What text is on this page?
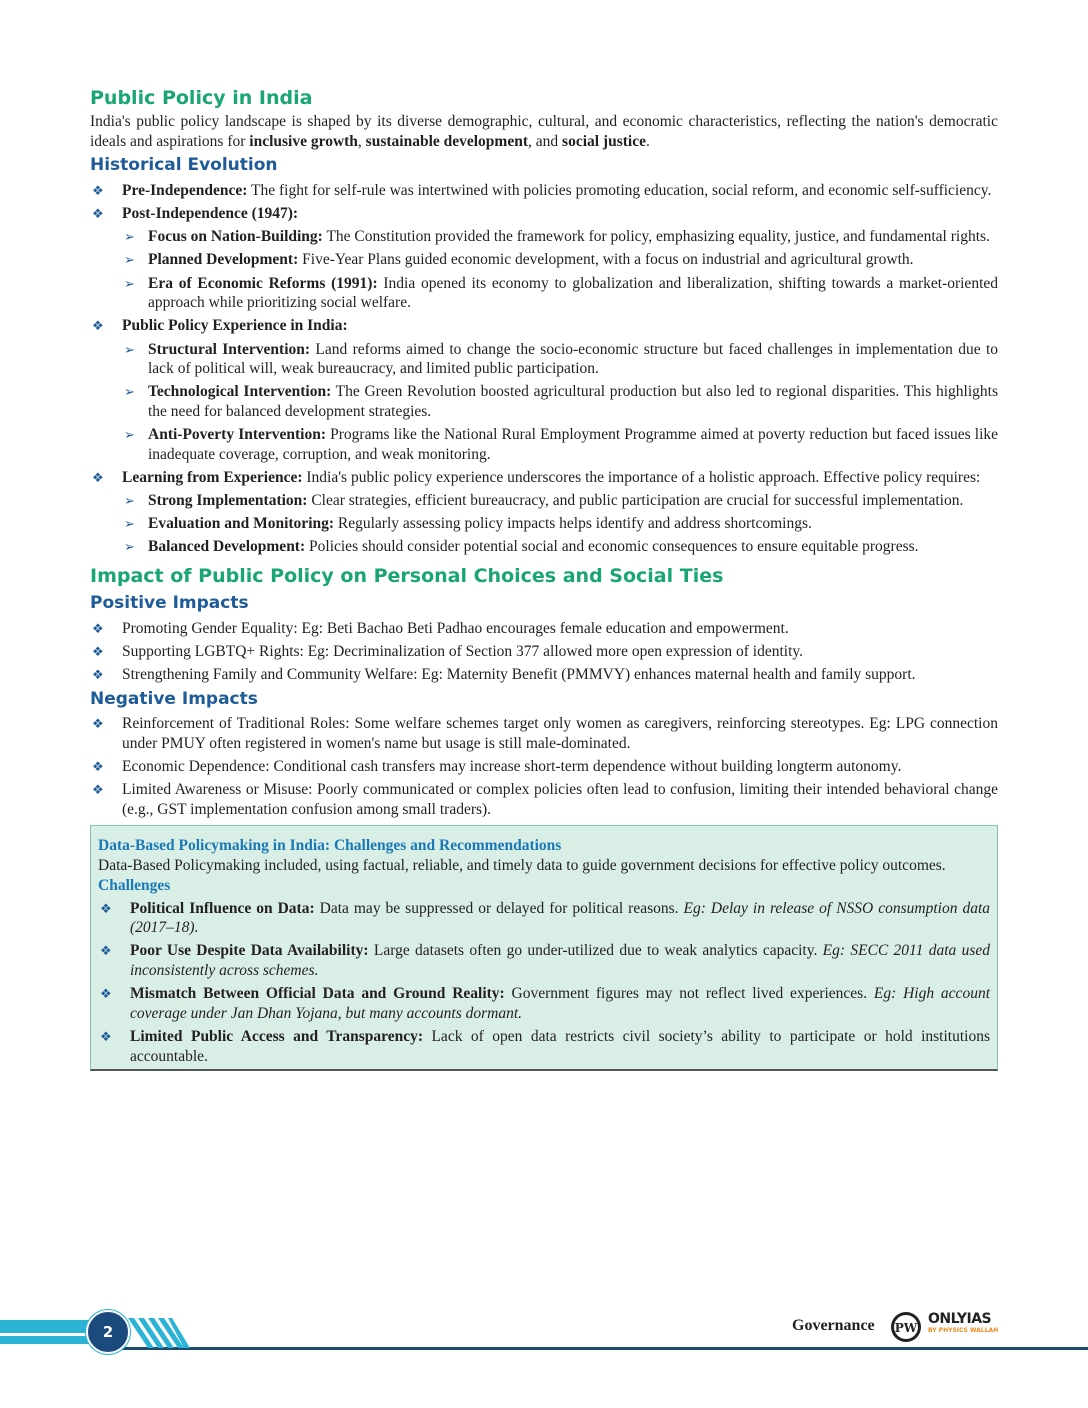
Public Policy in India

India's public policy landscape is shaped by its diverse demographic, cultural, and economic characteristics, reflecting the nation's democratic ideals and aspirations for inclusive growth, sustainable development, and social justice.

Historical Evolution
❖ Pre-Independence: The fight for self-rule was intertwined with policies promoting education, social reform, and economic self-sufficiency.
❖ Post-Independence (1947):
➢ Focus on Nation-Building: The Constitution provided the framework for policy, emphasizing equality, justice, and fundamental rights.
➢ Planned Development: Five-Year Plans guided economic development, with a focus on industrial and agricultural growth.
➢ Era of Economic Reforms (1991): India opened its economy to globalization and liberalization, shifting towards a market-oriented approach while prioritizing social welfare.
❖ Public Policy Experience in India:
➢ Structural Intervention: Land reforms aimed to change the socio-economic structure but faced challenges in implementation due to lack of political will, weak bureaucracy, and limited public participation.
➢ Technological Intervention: The Green Revolution boosted agricultural production but also led to regional disparities. This highlights the need for balanced development strategies.
➢ Anti-Poverty Intervention: Programs like the National Rural Employment Programme aimed at poverty reduction but faced issues like inadequate coverage, corruption, and weak monitoring.
❖ Learning from Experience: India's public policy experience underscores the importance of a holistic approach. Effective policy requires:
➢ Strong Implementation: Clear strategies, efficient bureaucracy, and public participation are crucial for successful implementation.
➢ Evaluation and Monitoring: Regularly assessing policy impacts helps identify and address shortcomings.
➢ Balanced Development: Policies should consider potential social and economic consequences to ensure equitable progress.
Impact of Public Policy on Personal Choices and Social Ties
Positive Impacts
❖ Promoting Gender Equality: Eg: Beti Bachao Beti Padhao encourages female education and empowerment.
❖ Supporting LGBTQ+ Rights: Eg: Decriminalization of Section 377 allowed more open expression of identity.
❖ Strengthening Family and Community Welfare: Eg: Maternity Benefit (PMMVY) enhances maternal health and family support.
Negative Impacts
❖ Reinforcement of Traditional Roles: Some welfare schemes target only women as caregivers, reinforcing stereotypes. Eg: LPG connection under PMUY often registered in women's name but usage is still male-dominated.
❖ Economic Dependence: Conditional cash transfers may increase short-term dependence without building longterm autonomy.
❖ Limited Awareness or Misuse: Poorly communicated or complex policies often lead to confusion, limiting their intended behavioral change (e.g., GST implementation confusion among small traders).
Data-Based Policymaking in India: Challenges and Recommendations

Data-Based Policymaking included, using factual, reliable, and timely data to guide government decisions for effective policy outcomes.

Challenges
❖ Political Influence on Data: Data may be suppressed or delayed for political reasons. Eg: Delay in release of NSSO consumption data (2017–18).
❖ Poor Use Despite Data Availability: Large datasets often go under-utilized due to weak analytics capacity. Eg: SECC 2011 data used inconsistently across schemes.
❖ Mismatch Between Official Data and Ground Reality: Government figures may not reflect lived experiences. Eg: High account coverage under Jan Dhan Yojana, but many accounts dormant.
❖ Limited Public Access and Transparency: Lack of open data restricts civil society’s ability to participate or hold institutions accountable.
2	Governance PW
ONLYIAS
BY PHYSICS WALLAH
